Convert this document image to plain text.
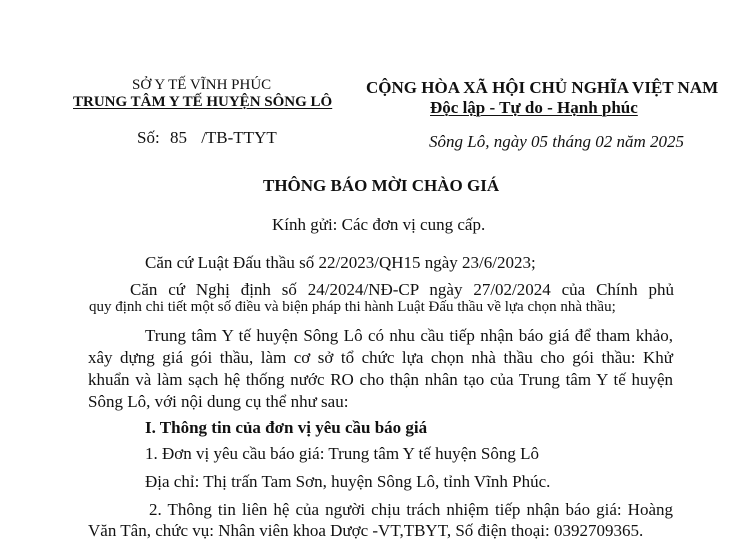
SỞ Y TẾ VĨNH PHÚC
TRUNG TÂM Y TẾ HUYỆN SÔNG LÔ
Số: 85 /TB-TTYT
CỘNG HÒA XÃ HỘI CHỦ NGHĨA VIỆT NAM
Độc lập - Tự do - Hạnh phúc
Sông Lô, ngày 05 tháng 02 năm 2025
THÔNG BÁO MỜI CHÀO GIÁ
Kính gửi: Các đơn vị cung cấp.
Căn cứ Luật Đấu thầu số 22/2023/QH15 ngày 23/6/2023;
Căn cứ Nghị định số 24/2024/NĐ-CP ngày 27/02/2024 của Chính phủ
quy định chi tiết một số điều và biện pháp thi hành Luật Đấu thầu về lựa chọn nhà thầu;
Trung tâm Y tế huyện Sông Lô có nhu cầu tiếp nhận báo giá để tham khảo,
xây dựng giá gói thầu, làm cơ sở tổ chức lựa chọn nhà thầu cho gói thầu: Khử
khuẩn và làm sạch hệ thống nước RO cho thận nhân tạo của Trung tâm Y tế huyện
Sông Lô, với nội dung cụ thể như sau:
I. Thông tin của đơn vị yêu cầu báo giá
1. Đơn vị yêu cầu báo giá: Trung tâm Y tế huyện Sông Lô
Địa chỉ: Thị trấn Tam Sơn, huyện Sông Lô, tỉnh Vĩnh Phúc.
2. Thông tin liên hệ của người chịu trách nhiệm tiếp nhận báo giá: Hoàng
Văn Tân, chức vụ: Nhân viên khoa Dược -VT,TBYT, Số điện thoại: 0392709365.
